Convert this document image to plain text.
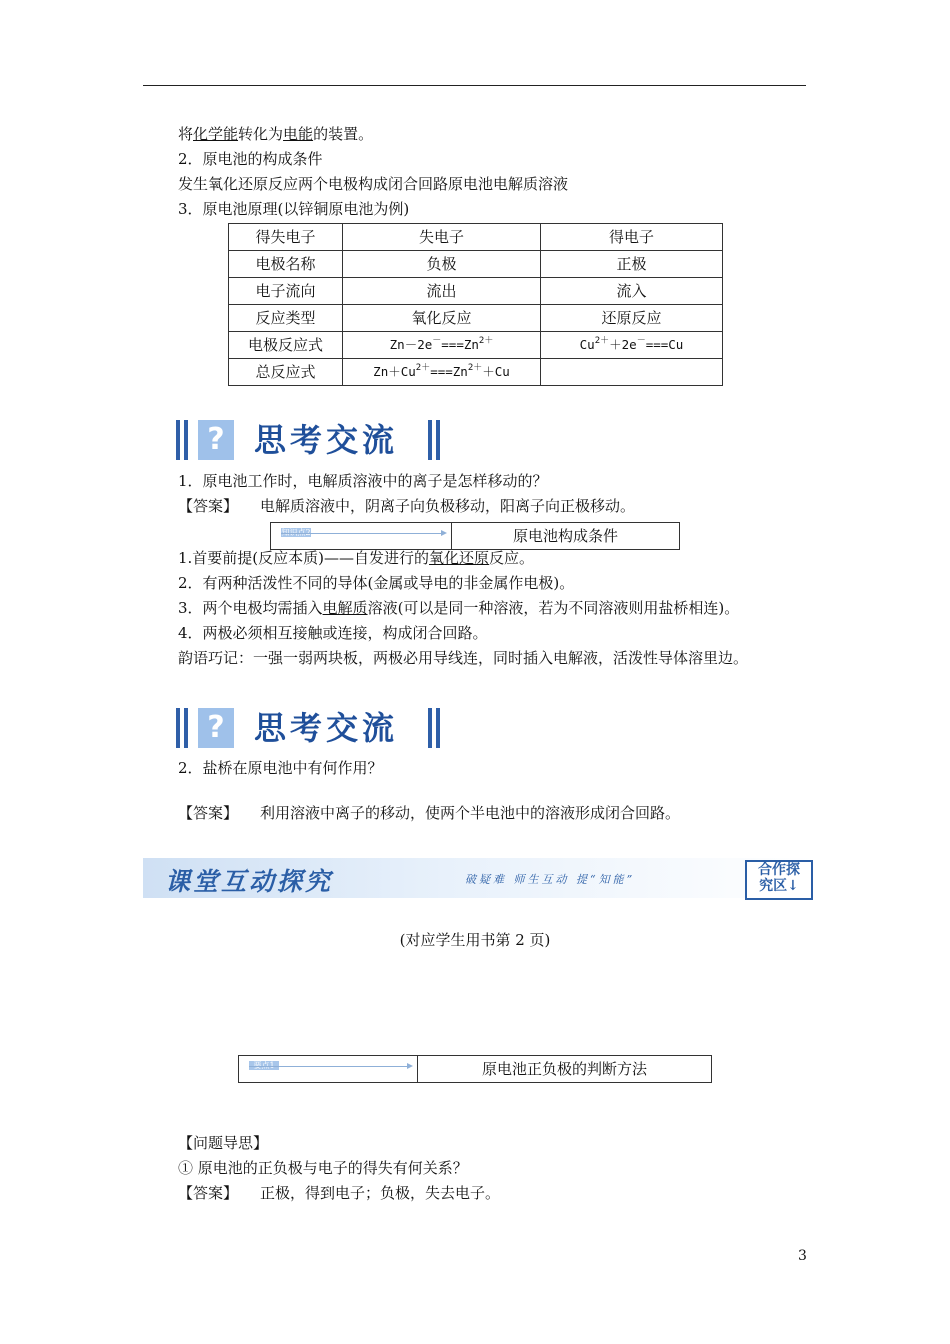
将化学能转化为电能的装置。
2．原电池的构成条件
发生氧化还原反应两个电极构成闭合回路原电池电解质溶液
3．原电池原理(以锌铜原电池为例)
得失电子	失电子	得电子
电极名称	负极	正极
电子流向	流出	流入
反应类型	氧化反应	还原反应
电极反应式	$Zn-2e^-===Zn^{2+}$	$Cu^{2+}+2e^-===Cu$
总反应式	$Zn+Cu^{2+}===Zn^{2+}+Cu$	
? 思考交流
1．原电池工作时，电解质溶液中的离子是怎样移动的？
【答案】 电解质溶液中，阴离子向负极移动，阳离子向正极移动。
知识点2	原电池构成条件
1.首要前提(反应本质)——自发进行的氧化还原反应。
2．有两种活泼性不同的导体(金属或导电的非金属作电极)。
3．两个电极均需插入电解质溶液(可以是同一种溶液，若为不同溶液则用盐桥相连)。
4．两极必须相互接触或连接，构成闭合回路。
韵语巧记：一强一弱两块板，两极必用导线连，同时插入电解液，活泼性导体溶里边。
? 思考交流
2．盐桥在原电池中有何作用？
【答案】 利用溶液中离子的移动，使两个半电池中的溶液形成闭合回路。
课堂互动探究	破疑难 师生互动 提“知能”
合作探
究区↓
(对应学生用书第 2 页)
要点1	原电池正负极的判断方法
【问题导思】
① 原电池的正负极与电子的得失有何关系？
【答案】 正极，得到电子；负极，失去电子。
3
